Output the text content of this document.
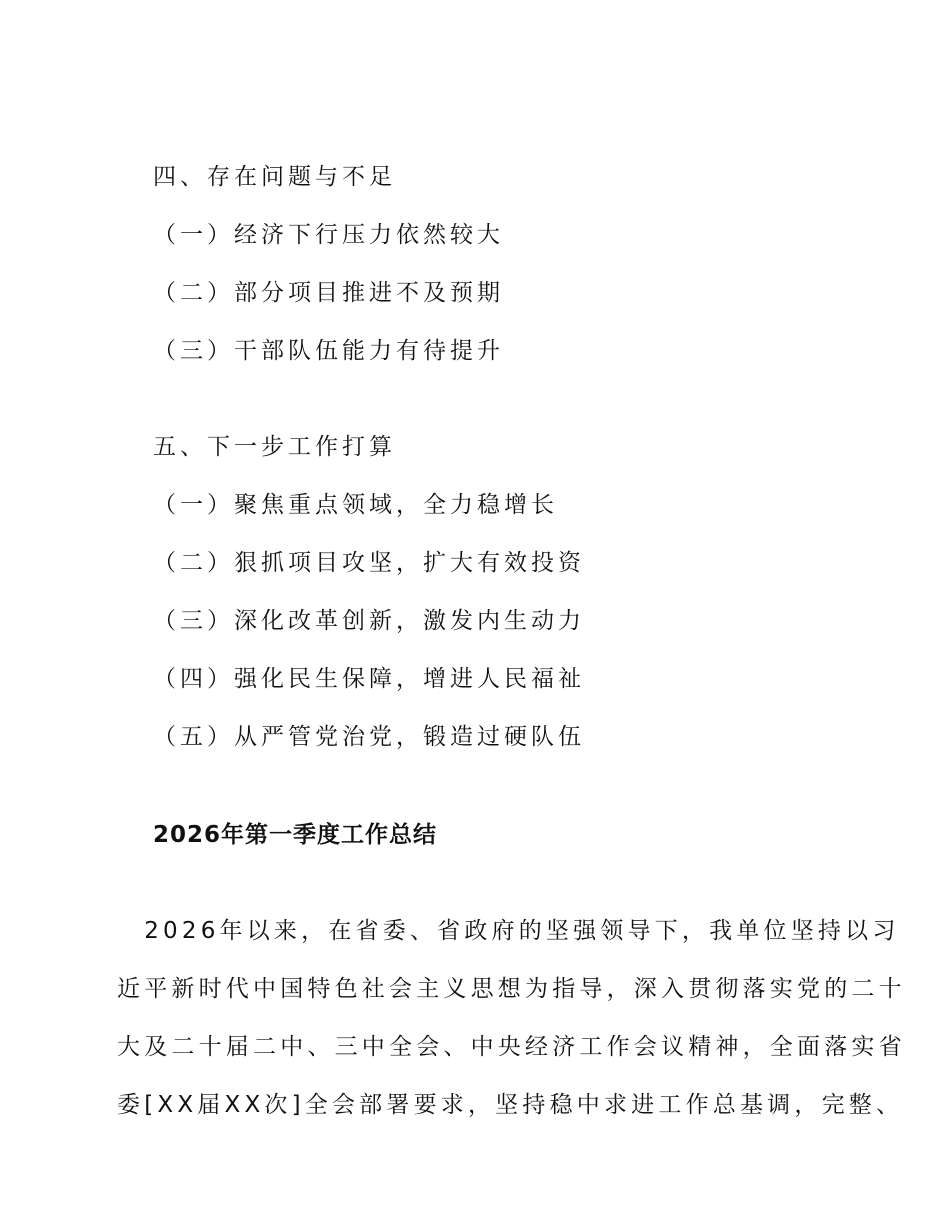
四、存在问题与不足
（一）经济下行压力依然较大
（二）部分项目推进不及预期
（三）干部队伍能力有待提升
五、下一步工作打算
（一）聚焦重点领域，全力稳增长
（二）狠抓项目攻坚，扩大有效投资
（三）深化改革创新，激发内生动力
（四）强化民生保障，增进人民福祉
（五）从严管党治党，锻造过硬队伍
2026年第一季度工作总结
　2026年以来，在省委、省政府的坚强领导下，我单位坚持以习
近平新时代中国特色社会主义思想为指导，深入贯彻落实党的二十
大及二十届二中、三中全会、中央经济工作会议精神，全面落实省
委[XX届XX次]全会部署要求，坚持稳中求进工作总基调，完整、
